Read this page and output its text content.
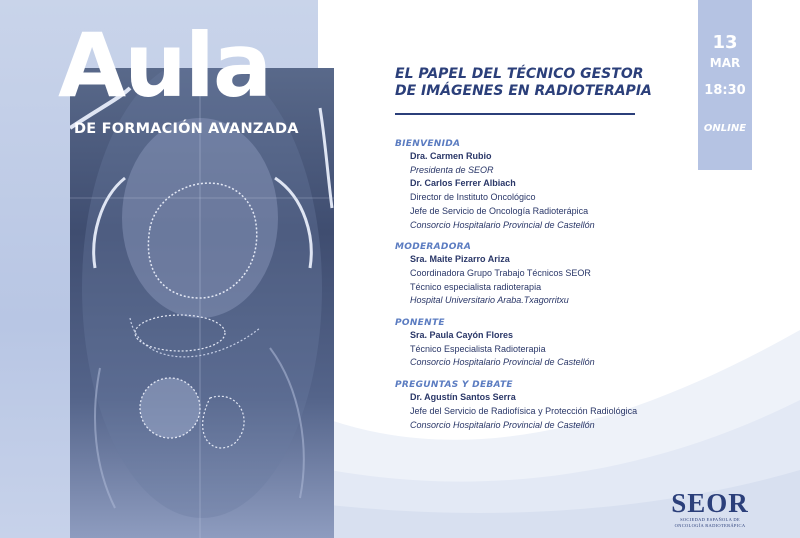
Aula
DE FORMACIÓN AVANZADA
13
MAR
18:30
ONLINE
EL PAPEL DEL TÉCNICO GESTOR
DE IMÁGENES EN RADIOTERAPIA
BIENVENIDA
Dra. Carmen Rubio
Presidenta de SEOR
Dr. Carlos Ferrer Albiach
Director de Instituto Oncológico
Jefe de Servicio de Oncología Radioterápica
Consorcio Hospitalario Provincial de Castellón
MODERADORA
Sra. Maite Pizarro Ariza
Coordinadora Grupo Trabajo Técnicos SEOR
Técnico especialista radioterapia
Hospital Universitario Araba.Txagorritxu
PONENTE
Sra. Paula Cayón Flores
Técnico Especialista Radioterapia
Consorcio Hospitalario Provincial de Castellón
PREGUNTAS Y DEBATE
Dr. Agustín Santos Serra
Jefe del Servicio de Radiofísica y Protección Radiológica
Consorcio Hospitalario Provincial de Castellón
SEOR
SOCIEDAD ESPAÑOLA DE
ONCOLOGÍA RADIOTERÁPICA
